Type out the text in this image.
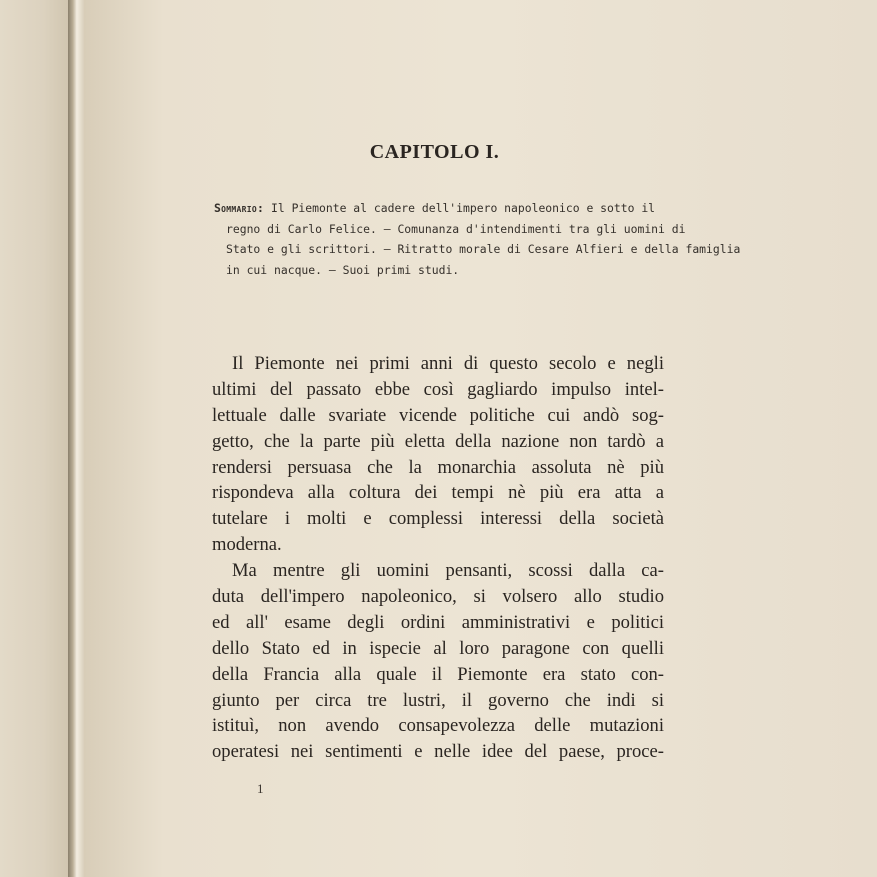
CAPITOLO I.
Sommario: Il Piemonte al cadere dell'impero napoleonico e sotto il
regno di Carlo Felice. — Comunanza d'intendimenti tra gli uomini di
Stato e gli scrittori. — Ritratto morale di Cesare Alfieri e della famiglia
in cui nacque. — Suoi primi studi.
Il Piemonte nei primi anni di questo secolo e negli
ultimi del passato ebbe così gagliardo impulso intel-
lettuale dalle svariate vicende politiche cui andò sog-
getto, che la parte più eletta della nazione non tardò a
rendersi persuasa che la monarchia assoluta nè più
rispondeva alla coltura dei tempi nè più era atta a
tutelare i molti e complessi interessi della società
moderna.
Ma mentre gli uomini pensanti, scossi dalla ca-
duta dell'impero napoleonico, si volsero allo studio
ed all' esame degli ordini amministrativi e politici
dello Stato ed in ispecie al loro paragone con quelli
della Francia alla quale il Piemonte era stato con-
giunto per circa tre lustri, il governo che indi si
istituì, non avendo consapevolezza delle mutazioni
operatesi nei sentimenti e nelle idee del paese, proce-
1
